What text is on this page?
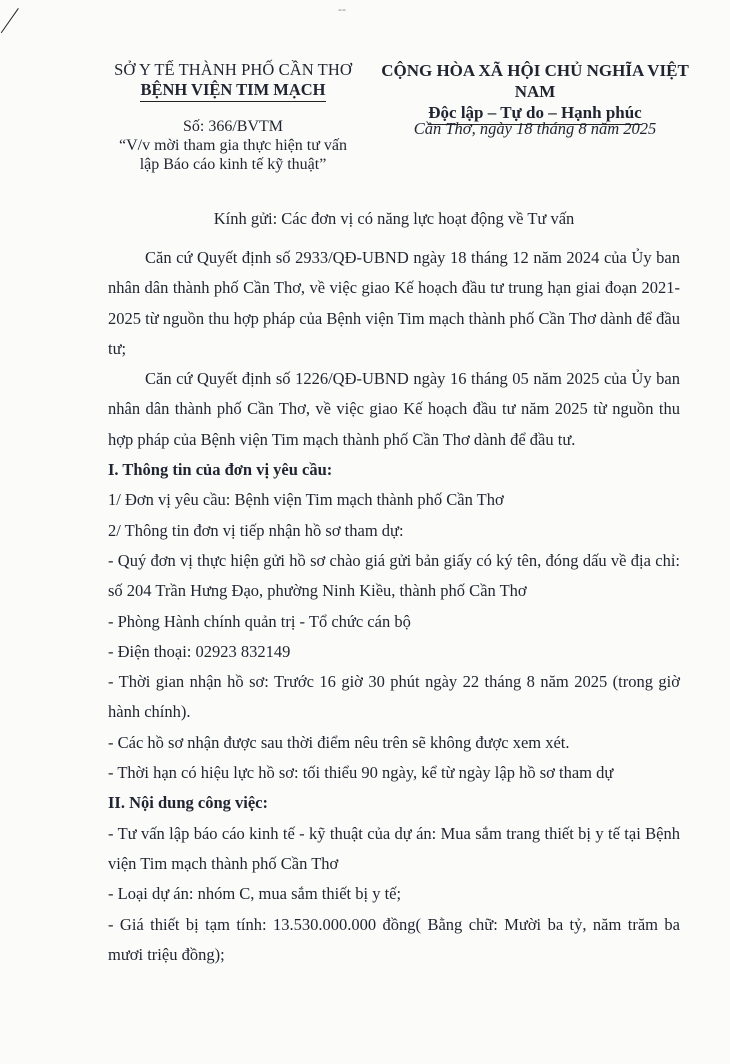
--
SỞ Y TẾ THÀNH PHỐ CẦN THƠ
BỆNH VIỆN TIM MẠCH
CỘNG HÒA XÃ HỘI CHỦ NGHĨA VIỆT NAM
Độc lập – Tự do – Hạnh phúc
Số: 366/BVTM
“V/v mời tham gia thực hiện tư vấn
lập Báo cáo kinh tế kỹ thuật”
Cần Thơ, ngày 18 tháng 8 năm 2025
Kính gửi: Các đơn vị có năng lực hoạt động về Tư vấn

Căn cứ Quyết định số 2933/QĐ-UBND ngày 18 tháng 12 năm 2024 của Ủy ban nhân dân thành phố Cần Thơ, về việc giao Kế hoạch đầu tư trung hạn giai đoạn 2021-2025 từ nguồn thu hợp pháp của Bệnh viện Tim mạch thành phố Cần Thơ dành để đầu tư;

Căn cứ Quyết định số 1226/QĐ-UBND ngày 16 tháng 05 năm 2025 của Ủy ban nhân dân thành phố Cần Thơ, về việc giao Kế hoạch đầu tư năm 2025 từ nguồn thu hợp pháp của Bệnh viện Tim mạch thành phố Cần Thơ dành để đầu tư.

I. Thông tin của đơn vị yêu cầu:

1/ Đơn vị yêu cầu: Bệnh viện Tim mạch thành phố Cần Thơ

2/ Thông tin đơn vị tiếp nhận hồ sơ tham dự:

- Quý đơn vị thực hiện gửi hồ sơ chào giá gửi bản giấy có ký tên, đóng dấu về địa chỉ: số 204 Trần Hưng Đạo, phường Ninh Kiều, thành phố Cần Thơ

- Phòng Hành chính quản trị - Tổ chức cán bộ

- Điện thoại: 02923 832149

- Thời gian nhận hồ sơ: Trước 16 giờ 30 phút ngày 22 tháng 8 năm 2025 (trong giờ hành chính).

- Các hồ sơ nhận được sau thời điểm nêu trên sẽ không được xem xét.

- Thời hạn có hiệu lực hồ sơ: tối thiểu 90 ngày, kể từ ngày lập hồ sơ tham dự

II. Nội dung công việc:

- Tư vấn lập báo cáo kinh tế - kỹ thuật của dự án: Mua sắm trang thiết bị y tế tại Bệnh viện Tim mạch thành phố Cần Thơ

- Loại dự án: nhóm C, mua sắm thiết bị y tế;

- Giá thiết bị tạm tính: 13.530.000.000 đồng( Bằng chữ: Mười ba tỷ, năm trăm ba mươi triệu đồng);
